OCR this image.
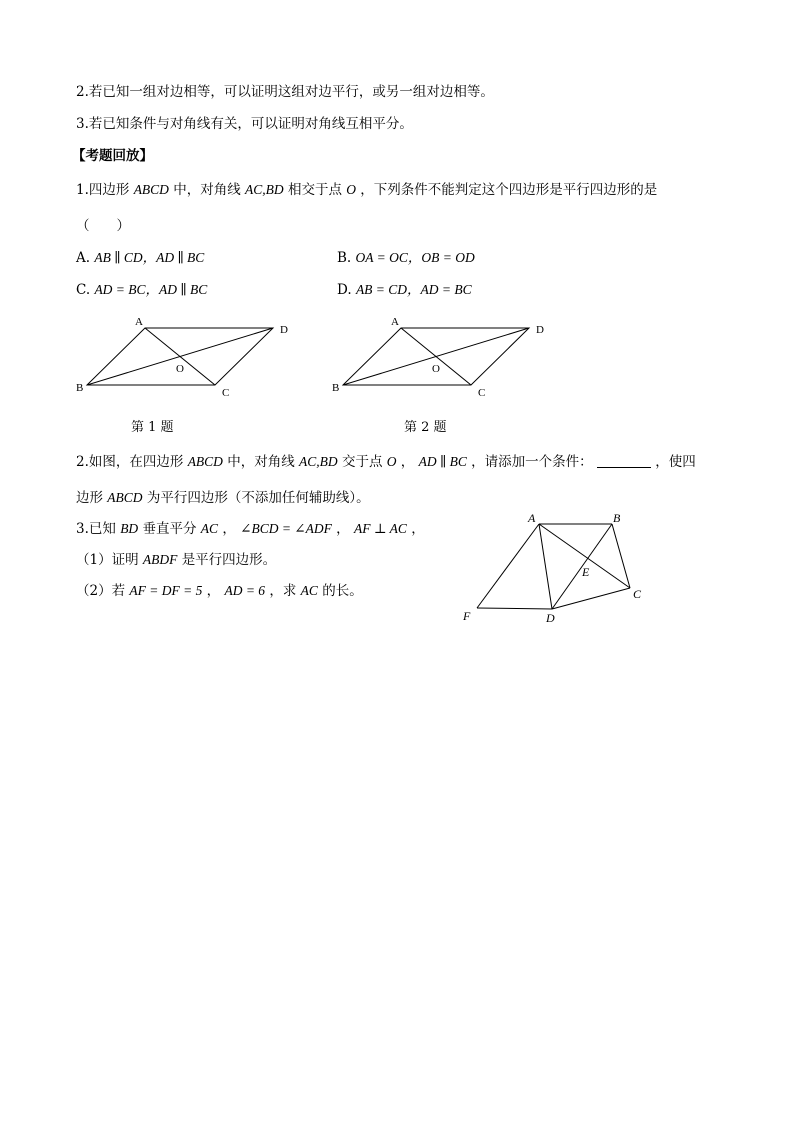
2.若已知一组对边相等，可以证明这组对边平行，或另一组对边相等。
3.若已知条件与对角线有关，可以证明对角线互相平分。
【考题回放】
1.四边形 ABCD 中，对角线 AC,BD 相交于点 O ，下列条件不能判定这个四边形是平行四边形的是
（　　）
A. AB ∥ CD，AD ∥ BC	B. OA = OC，OB = OD
C. AD = BC，AD ∥ BC	D. AB = CD，AD = BC
A
D
B	C
O
第 1 题
A
D
B	C
O
第 2 题
2.如图，在四边形 ABCD 中，对角线 AC,BD 交于点 O ， AD ∥ BC ，请添加一个条件：	，使四
边形 ABCD 为平行四边形（不添加任何辅助线）。
3.已知 BD 垂直平分 AC ， ∠BCD = ∠ADF ， AF ⊥ AC ，
（1）证明 ABDF 是平行四边形。
（2）若 AF = DF = 5 ， AD = 6 ，求 AC 的长。
A	B
E
C
F	D
